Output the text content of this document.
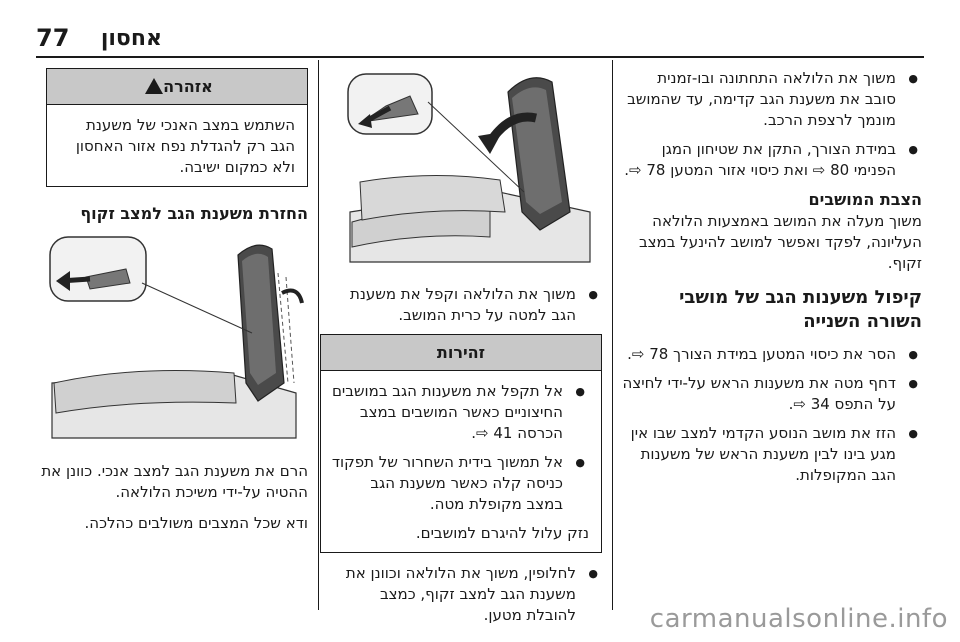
77 אחסון
● משוך את הלולאה התחתונה ובו-זמנית סובב את משענת הגב קדימה, עד שהמושב מונמך לרצפת הרכב.
● במידת הצורך, התקן את שטיחון המגן הפנימי 80 ⇨ ואת כיסוי אזור המטען 78 ⇨.
הצבת המושבים

משוך מעלה את המושב באמצעות הלולאה העליונה, לפקד ואפשר למושב להינעל במצב זקוף.

קיפול משענות הגב של מושבי השורה השנייה
● הסר את כיסוי המטען במידת הצורך 78 ⇨.
● דחף מטה את משענות הראש על-ידי לחיצה על התפס 34 ⇨.
● הזז את מושב הנוסע הקדמי למצב שבו אין מגע בינו לבין משענת הראש של משענות הגב המקופלות.
● משוך את הלולאה וקפל את משענת הגב למטה על כרית המושב.
זהירות
● אל תקפל את משענות הגב במושבים החיצוניים כאשר המושבים במצב הכרסה 41 ⇨.
● אל תמשוך בידית השחרור של תפקוד כניסה קלה כאשר משענת הגב במצב מקופלת מטה.

נזק עלול להיגרם למושבים.

● לחלופין, משוך את הלולאה וכוונן את משענת הגב למצב זקוף, כמצב להובלת מטען.
אזהרה
!

השתמש במצב האנכי של משענת הגב רק להגדלת נפח אזור האחסון ולא כמקום ישיבה.

החזרת משענת הגב למצב זקוף

הרם את משענת הגב למצב אנכי. כוונן את ההטיה על-ידי משיכת הלולאה.

ודא שכל המצבים משולבים כהלכה.

carmanualsonline.info
